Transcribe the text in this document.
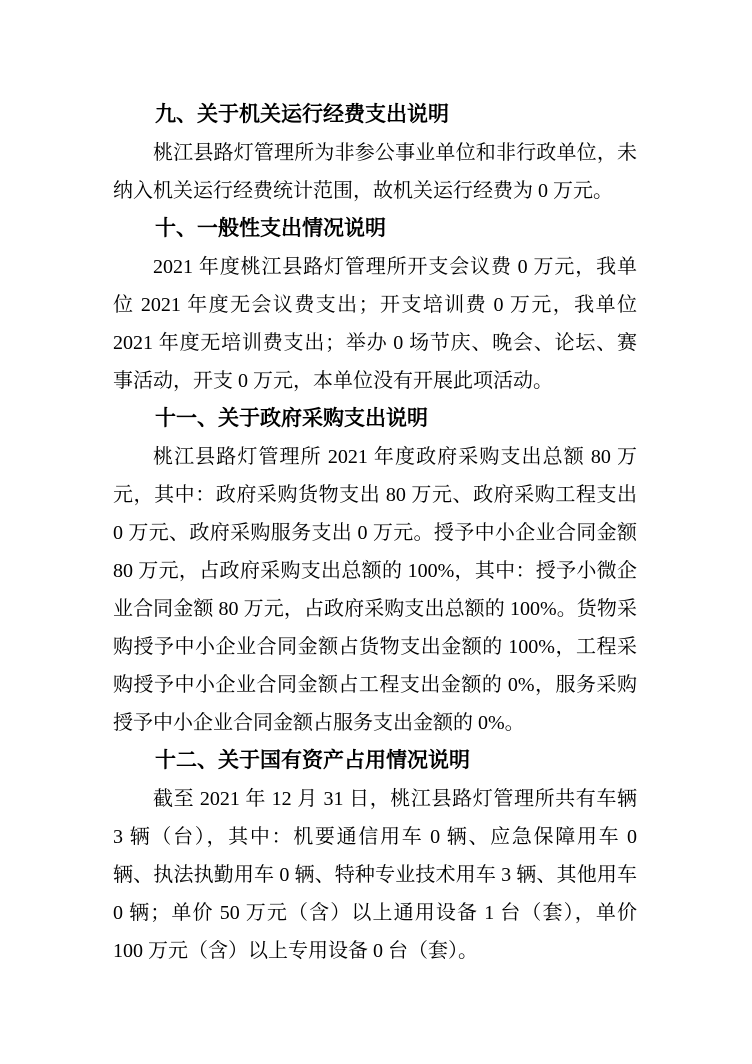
九、关于机关运行经费支出说明

桃江县路灯管理所为非参公事业单位和非行政单位，未纳入机关运行经费统计范围，故机关运行经费为 0 万元。

十、一般性支出情况说明

2021 年度桃江县路灯管理所开支会议费 0 万元，我单位 2021 年度无会议费支出；开支培训费 0 万元，我单位 2021 年度无培训费支出；举办 0 场节庆、晚会、论坛、赛事活动，开支 0 万元，本单位没有开展此项活动。

十一、关于政府采购支出说明

桃江县路灯管理所 2021 年度政府采购支出总额 80 万元，其中：政府采购货物支出 80 万元、政府采购工程支出 0 万元、政府采购服务支出 0 万元。授予中小企业合同金额 80 万元，占政府采购支出总额的 100%，其中：授予小微企业合同金额 80 万元，占政府采购支出总额的 100%。货物采购授予中小企业合同金额占货物支出金额的 100%，工程采购授予中小企业合同金额占工程支出金额的 0%，服务采购授予中小企业合同金额占服务支出金额的 0%。

十二、关于国有资产占用情况说明

截至 2021 年 12 月 31 日，桃江县路灯管理所共有车辆 3 辆（台），其中：机要通信用车 0 辆、应急保障用车 0 辆、执法执勤用车 0 辆、特种专业技术用车 3 辆、其他用车 0 辆；单价 50 万元（含）以上通用设备 1 台（套），单价 100 万元（含）以上专用设备 0 台（套）。
